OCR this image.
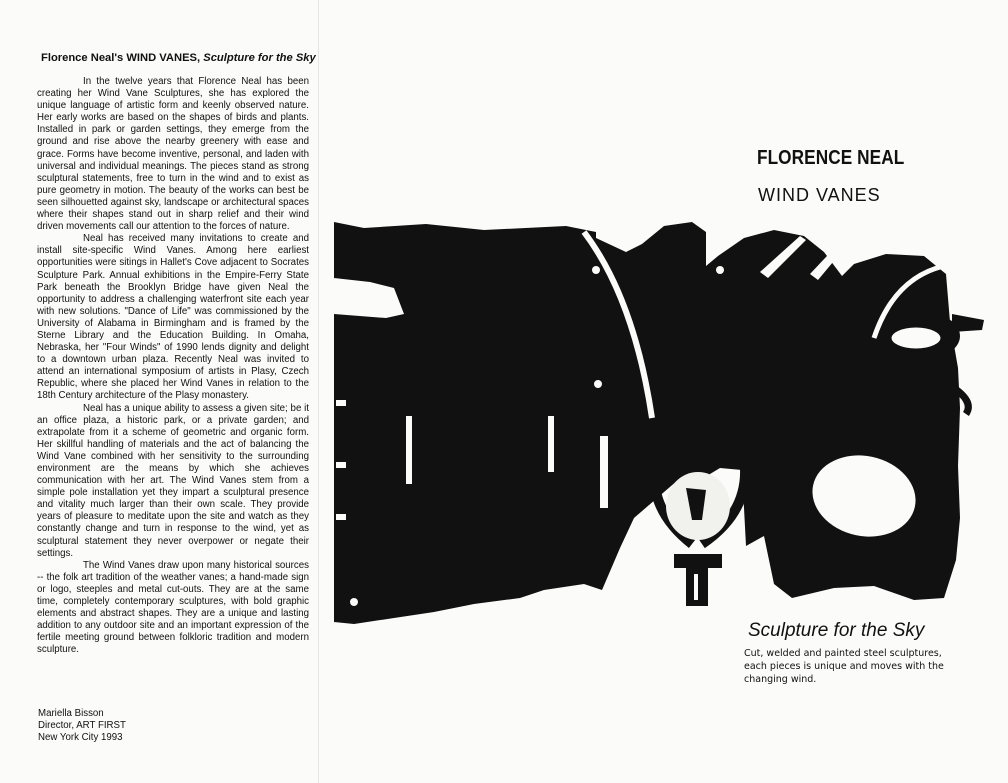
Florence Neal's WIND VANES, Sculpture for the Sky

In the twelve years that Florence Neal has been creating her Wind Vane Sculptures, she has explored the unique language of artistic form and keenly observed nature. Her early works are based on the shapes of birds and plants. Installed in park or garden settings, they emerge from the ground and rise above the nearby greenery with ease and grace. Forms have become inventive, personal, and laden with universal and individual meanings. The pieces stand as strong sculptural statements, free to turn in the wind and to exist as pure geometry in motion. The beauty of the works can best be seen silhouetted against sky, landscape or architectural spaces where their shapes stand out in sharp relief and their wind driven movements call our attention to the forces of nature.

Neal has received many invitations to create and install site-specific Wind Vanes. Among here earliest opportunities were sitings in Hallet's Cove adjacent to Socrates Sculpture Park. Annual exhibitions in the Empire-Ferry State Park beneath the Brooklyn Bridge have given Neal the opportunity to address a challenging waterfront site each year with new solutions. "Dance of Life" was commissioned by the University of Alabama in Birmingham and is framed by the Sterne Library and the Education Building. In Omaha, Nebraska, her "Four Winds" of 1990 lends dignity and delight to a downtown urban plaza. Recently Neal was invited to attend an international symposium of artists in Plasy, Czech Republic, where she placed her Wind Vanes in relation to the 18th Century architecture of the Plasy monastery.

Neal has a unique ability to assess a given site; be it an office plaza, a historic park, or a private garden; and extrapolate from it a scheme of geometric and organic form. Her skillful handling of materials and the act of balancing the Wind Vane combined with her sensitivity to the surrounding environment are the means by which she achieves communication with her art. The Wind Vanes stem from a simple pole installation yet they impart a sculptural presence and vitality much larger than their own scale. They provide years of pleasure to meditate upon the site and watch as they constantly change and turn in response to the wind, yet as sculptural statement they never overpower or negate their settings.

The Wind Vanes draw upon many historical sources -- the folk art tradition of the weather vanes; a hand-made sign or logo, steeples and metal cut-outs. They are at the same time, completely contemporary sculptures, with bold graphic elements and abstract shapes. They are a unique and lasting addition to any outdoor site and an important expression of the fertile meeting ground between folkloric tradition and modern sculpture.

Mariella Bisson
Director, ART FIRST
New York City 1993
FLORENCE NEAL
WIND VANES
Sculpture for the Sky
Cut, welded and painted steel sculptures,
each pieces is unique and moves with the
changing wind.
